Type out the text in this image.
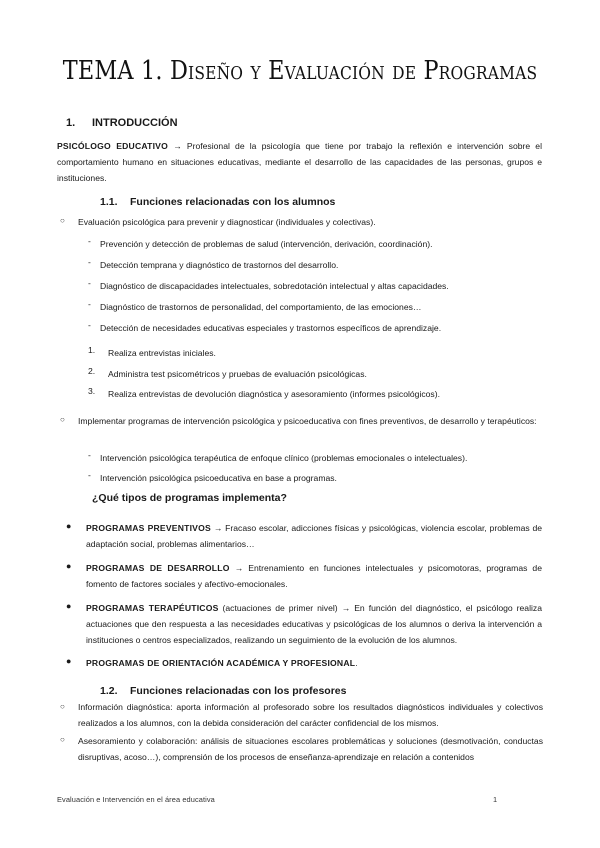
TEMA 1. Diseño y Evaluación de Programas
1. INTRODUCCIÓN
PSICÓLOGO EDUCATIVO → Profesional de la psicología que tiene por trabajo la reflexión e intervención sobre el comportamiento humano en situaciones educativas, mediante el desarrollo de las capacidades de las personas, grupos e instituciones.
1.1. Funciones relacionadas con los alumnos
○ Evaluación psicológica para prevenir y diagnosticar (individuales y colectivas).
- Prevención y detección de problemas de salud (intervención, derivación, coordinación).
- Detección temprana y diagnóstico de trastornos del desarrollo.
- Diagnóstico de discapacidades intelectuales, sobredotación intelectual y altas capacidades.
- Diagnóstico de trastornos de personalidad, del comportamiento, de las emociones…
- Detección de necesidades educativas especiales y trastornos específicos de aprendizaje.
1. Realiza entrevistas iniciales.
2. Administra test psicométricos y pruebas de evaluación psicológicas.
3. Realiza entrevistas de devolución diagnóstica y asesoramiento (informes psicológicos).
○ Implementar programas de intervención psicológica y psicoeducativa con fines preventivos, de desarrollo y terapéuticos:
- Intervención psicológica terapéutica de enfoque clínico (problemas emocionales o intelectuales).
- Intervención psicológica psicoeducativa en base a programas.
¿Qué tipos de programas implementa?
● PROGRAMAS PREVENTIVOS → Fracaso escolar, adicciones físicas y psicológicas, violencia escolar, problemas de adaptación social, problemas alimentarios…
● PROGRAMAS DE DESARROLLO → Entrenamiento en funciones intelectuales y psicomotoras, programas de fomento de factores sociales y afectivo-emocionales.
● PROGRAMAS TERAPÉUTICOS (actuaciones de primer nivel) → En función del diagnóstico, el psicólogo realiza actuaciones que den respuesta a las necesidades educativas y psicológicas de los alumnos o deriva la intervención a instituciones o centros especializados, realizando un seguimiento de la evolución de los alumnos.
● PROGRAMAS DE ORIENTACIÓN ACADÉMICA Y PROFESIONAL.
1.2. Funciones relacionadas con los profesores
○ Información diagnóstica: aporta información al profesorado sobre los resultados diagnósticos individuales y colectivos realizados a los alumnos, con la debida consideración del carácter confidencial de los mismos.
○ Asesoramiento y colaboración: análisis de situaciones escolares problemáticas y soluciones (desmotivación, conductas disruptivas, acoso…), comprensión de los procesos de enseñanza-aprendizaje en relación a contenidos
Evaluación e Intervención en el área educativa	1
